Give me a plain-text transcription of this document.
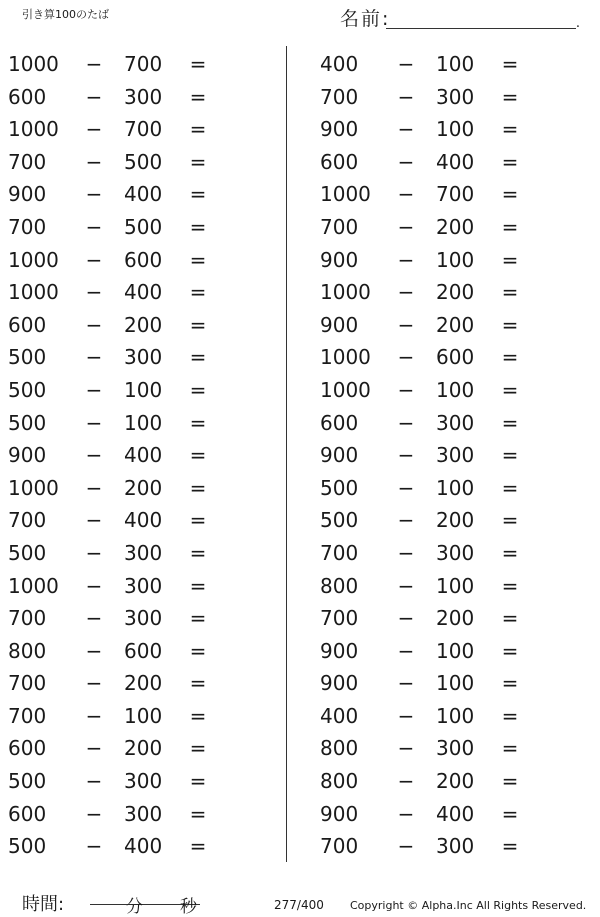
引き算100のたば	名前:	.
1000 − 700	=
600	− 300	=
1000 − 700	=
700	− 500	=
900	− 400	=
700	− 500	=
1000 − 600	=
1000 − 400	=
600	− 200	=
500	− 300	=
500	− 100	=
500	− 100	=
900	− 400	=
1000 − 200	=
700	− 400	=
500	− 300	=
1000 − 300	=
700	− 300	=
800	− 600	=
700	− 200	=
700	− 100	=
600	− 200	=
500	− 300	=
600	− 300	=
500	− 400	=
400	− 100	=
700	− 300	=
900	− 100	=
600	− 400	=
1000 − 700	=
700	− 200	=
900	− 100	=
1000 − 200	=
900	− 200	=
1000 − 600	=
1000 − 100	=
600	− 300	=
900	− 300	=
500	− 100	=
500	− 200	=
700	− 300	=
800	− 100	=
700	− 200	=
900	− 100	=
900	− 100	=
400	− 100	=
800	− 300	=
800	− 200	=
900	− 400	=
700	− 300	=
時間:	分 秒	277/400 Copyright © Alpha.Inc All Rights Reserved.
